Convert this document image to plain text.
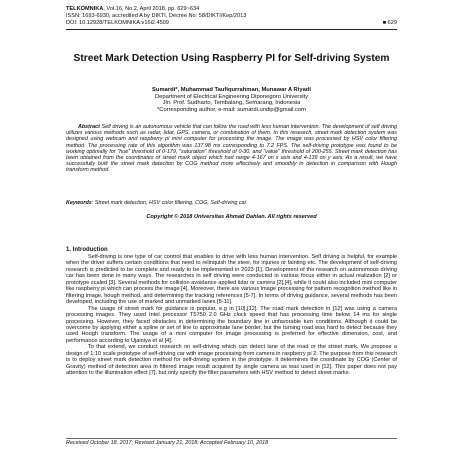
TELKOMNIKA, Vol.16, No.2, April 2018, pp. 629~634
ISSN: 1693-6930, accredited A by DIKTI, Decree No: 58/DIKTI/Kep/2013
DOI: 10.12928/TELKOMNIKA.v16i2.4509	■ 629
Street Mark Detection Using Raspberry PI for Self-driving System
Sumardi*, Muhammad Taufiqurrahman, Munawar A Riyadi
Department of Electrical Engineering Diponegoro University
Jln. Prof. Sudharto, Tembalang, Semarang, Indonesia
*Corresponding author, e-mail: sumardi.undip@gmail.com
Abstract Self driving is an autonomous vehicle that can follow the road with less human intervention. The development of self driving utilizes various methods such as radar, lidar, GPS, camera, or combination of them. In this research, street mark detection system was designed using webcam and raspberry pi mini computer for processing the image. The image was processed by HSV color filtering method. The processing rate of this algorithm was 137.98 ms corresponding to 7.2 FPS. The self-driving prototype was found to be working optimally for "hue" threshold of 0-179, "saturation" threshold of 0-30, and "value" threshold of 200-255. Street mark detection has been obtained from the coordinates of street mark object which had range 4-167 on x axis and 4-139 on y axis. As a result, we have successfully built the street mark detection by COG method more effectively and smoothly in detection in comparison with Hough transform method.
Keywords: Street mark detection, HSV color filtering, COG, Self-driving car.
Copyright © 2018 Universitas Ahmad Dahlan. All rights reserved
1. Introduction

Self-driving is one type of car control that enables to drive with less human intervention. Self driving is helpful, for example when the driver suffers certain conditions that need to relinquish the steer, for injuries or fainting etc. The development of self-driving research is predicted to be complete and ready to be implemented in 2023 [1]. Development of the research on autonomous driving car has been done in many ways. The researches in self driving were conducted in various focus either in actual realization [2] or prototype scaled [3]. Several methods for collision avoidance applied lidar or camera [2],[4], while it could also included mini computer like raspberry pi which can process the image [4]. Moreover, there are various image processing for pattern recognition method like in filtering image, hough method, and determining the tracking references [5-7]. In terms of driving guidance, several methods has been developed, including the use of marked and unmarked lanes [8-11].

The usage of street mark for guidance is popular, e.g in [10],[12]. The road mark detection in [12] was using a camera processing images. They used Intel processor T5750 2.0 GHz clock speed that has processing time below 14 ms for single processing. However, they faced obstacles in determining the boundary line in unfavorable turn conditions. Although it could be overcome by applying either a spline or set of line to approximate lane border, but the turning road was hard to detect because they used Hough transform. The usage of a mini computer for image processing is preferred for effective dimension, cost, and performance according to Ujainiya et al [4].

To that extend, we conduct research on self-driving which can detect lane of the road or the street mark. We propose a design of 1:10 scale prototype of self-driving car with image processing from camera in raspberry pi 2. The purpose from this research is to deploy street mark detection method for self-driving system in the prototype. It determines the coordinate by COG (Center of Gravity) method of detection area in filtered image result acquired by single camera as was used in [12]. This paper does not pay attention to the illumination effect [7], but only specify the filter parameters with HSV method to detect street marks.

Received October 18, 2017; Revised January 21, 2018; Accepted February 10, 2018
